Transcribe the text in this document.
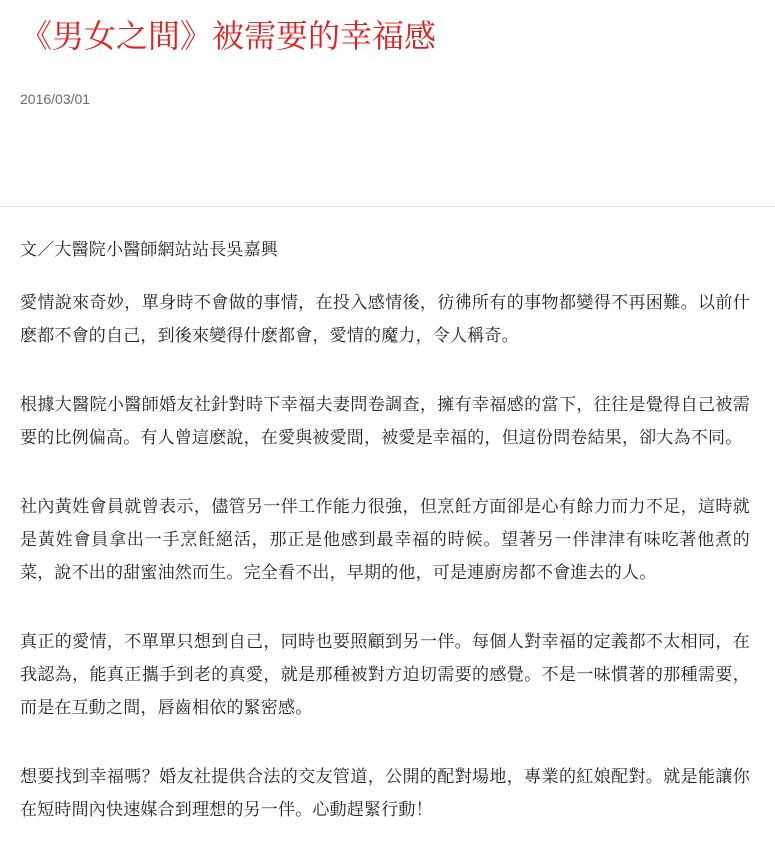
《男女之間》被需要的幸福感
2016/03/01

文／大醫院小醫師網站站長吳嘉興

愛情說來奇妙，單身時不會做的事情，在投入感情後，彷彿所有的事物都變得不再困難。以前什麽都不會的自己，到後來變得什麽都會，愛情的魔力，令人稱奇。

根據大醫院小醫師婚友社針對時下幸福夫妻問卷調查，擁有幸福感的當下，往往是覺得自己被需要的比例偏高。有人曾這麽說，在愛與被愛間，被愛是幸福的，但這份問卷結果，卻大為不同。

社內黃姓會員就曾表示，儘管另一伴工作能力很強，但烹飪方面卻是心有餘力而力不足，這時就是黃姓會員拿出一手烹飪絕活，那正是他感到最幸福的時候。望著另一伴津津有味吃著他煮的菜，說不出的甜蜜油然而生。完全看不出，早期的他，可是連廚房都不會進去的人。

真正的愛情，不單單只想到自己，同時也要照顧到另一伴。每個人對幸福的定義都不太相同，在我認為，能真正攜手到老的真愛，就是那種被對方迫切需要的感覺。不是一味慣著的那種需要，而是在互動之間，唇齒相依的緊密感。

想要找到幸福嗎？婚友社提供合法的交友管道，公開的配對場地，專業的紅娘配對。就是能讓你在短時間內快速媒合到理想的另一伴。心動趕緊行動！
